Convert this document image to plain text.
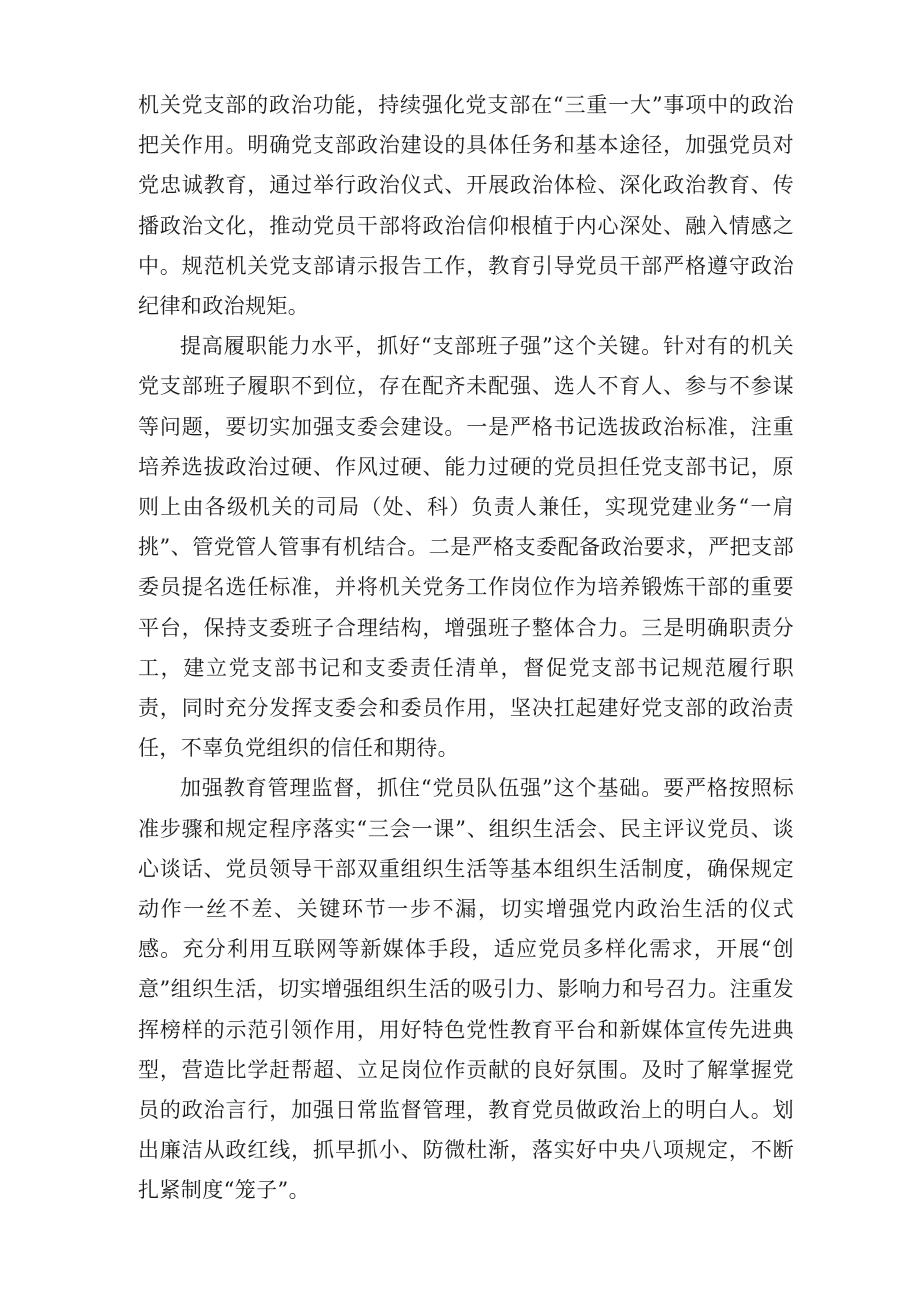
机关党支部的政治功能，持续强化党支部在“三重一大”事项中的政治把关作用。明确党支部政治建设的具体任务和基本途径，加强党员对党忠诚教育，通过举行政治仪式、开展政治体检、深化政治教育、传播政治文化，推动党员干部将政治信仰根植于内心深处、融入情感之中。规范机关党支部请示报告工作，教育引导党员干部严格遵守政治纪律和政治规矩。

提高履职能力水平，抓好“支部班子强”这个关键。针对有的机关党支部班子履职不到位，存在配齐未配强、选人不育人、参与不参谋等问题，要切实加强支委会建设。一是严格书记选拔政治标准，注重培养选拔政治过硬、作风过硬、能力过硬的党员担任党支部书记，原则上由各级机关的司局（处、科）负责人兼任，实现党建业务“一肩挑”、管党管人管事有机结合。二是严格支委配备政治要求，严把支部委员提名选任标准，并将机关党务工作岗位作为培养锻炼干部的重要平台，保持支委班子合理结构，增强班子整体合力。三是明确职责分工，建立党支部书记和支委责任清单，督促党支部书记规范履行职责，同时充分发挥支委会和委员作用，坚决扛起建好党支部的政治责任，不辜负党组织的信任和期待。

加强教育管理监督，抓住“党员队伍强”这个基础。要严格按照标准步骤和规定程序落实“三会一课”、组织生活会、民主评议党员、谈心谈话、党员领导干部双重组织生活等基本组织生活制度，确保规定动作一丝不差、关键环节一步不漏，切实增强党内政治生活的仪式感。充分利用互联网等新媒体手段，适应党员多样化需求，开展“创意”组织生活，切实增强组织生活的吸引力、影响力和号召力。注重发挥榜样的示范引领作用，用好特色党性教育平台和新媒体宣传先进典型，营造比学赶帮超、立足岗位作贡献的良好氛围。及时了解掌握党员的政治言行，加强日常监督管理，教育党员做政治上的明白人。划出廉洁从政红线，抓早抓小、防微杜渐，落实好中央八项规定，不断扎紧制度“笼子”。
